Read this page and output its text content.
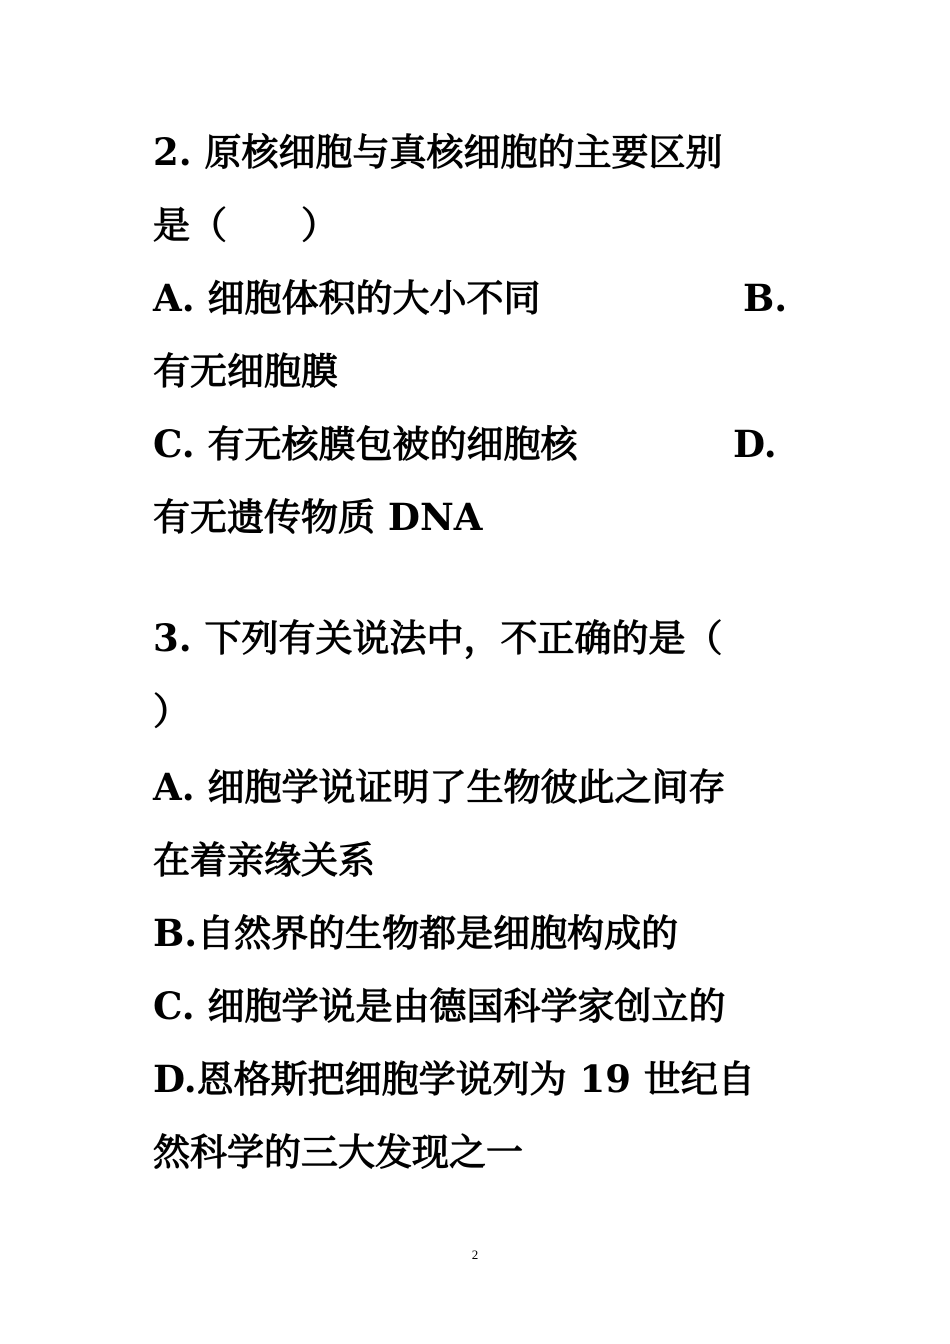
2. 原核细胞与真核细胞的主要区别
是（　　）
A. 细胞体积的大小不同	B.
有无细胞膜
C. 有无核膜包被的细胞核	D.
有无遗传物质 DNA
3. 下列有关说法中，不正确的是（
）
A. 细胞学说证明了生物彼此之间存
在着亲缘关系
B.自然界的生物都是细胞构成的
C. 细胞学说是由德国科学家创立的
D.恩格斯把细胞学说列为 19 世纪自
然科学的三大发现之一
2
